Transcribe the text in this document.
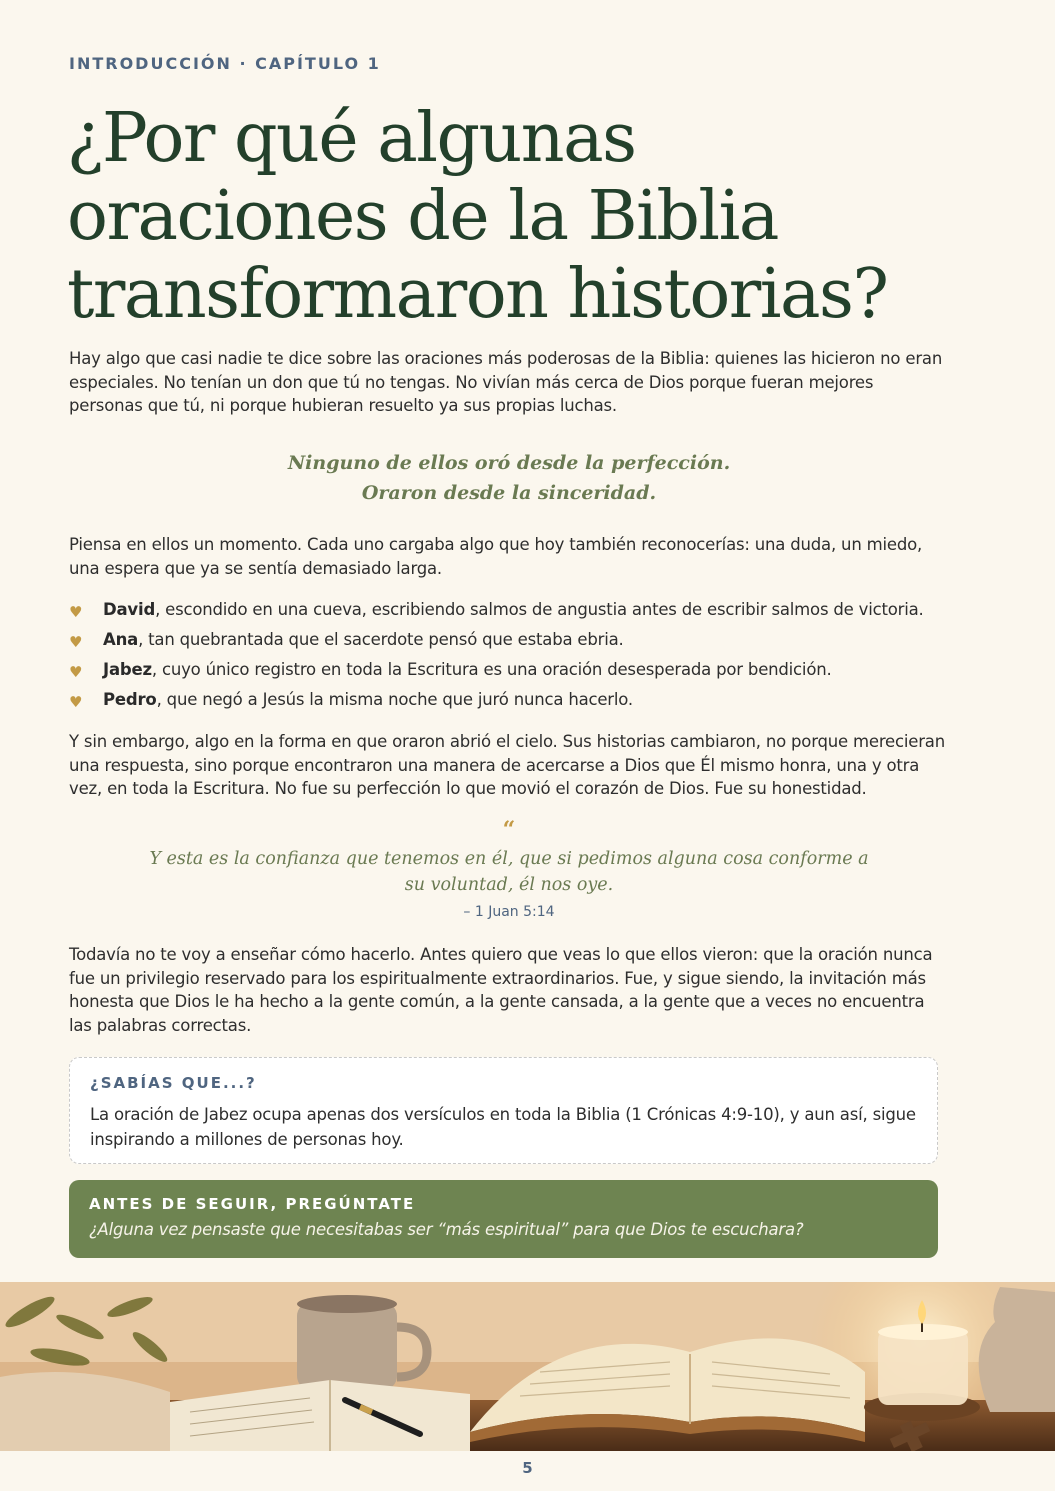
INTRODUCCIÓN · CAPÍTULO 1
¿Por qué algunas oraciones de la Biblia transformaron historias?

Hay algo que casi nadie te dice sobre las oraciones más poderosas de la Biblia: quienes las hicieron no eran especiales. No tenían un don que tú no tengas. No vivían más cerca de Dios porque fueran mejores personas que tú, ni porque hubieran resuelto ya sus propias luchas.

Ninguno de ellos oró desde la perfección.
Oraron desde la sinceridad.

Piensa en ellos un momento. Cada uno cargaba algo que hoy también reconocerías: una duda, un miedo, una espera que ya se sentía demasiado larga.

♥ David, escondido en una cueva, escribiendo salmos de angustia antes de escribir salmos de victoria.
♥ Ana, tan quebrantada que el sacerdote pensó que estaba ebria.
♥ Jabez, cuyo único registro en toda la Escritura es una oración desesperada por bendición.
♥ Pedro, que negó a Jesús la misma noche que juró nunca hacerlo.

Y sin embargo, algo en la forma en que oraron abrió el cielo. Sus historias cambiaron, no porque merecieran una respuesta, sino porque encontraron una manera de acercarse a Dios que Él mismo honra, una y otra vez, en toda la Escritura. No fue su perfección lo que movió el corazón de Dios. Fue su honestidad.

“
Y esta es la confianza que tenemos en él, que si pedimos alguna cosa conforme a su voluntad, él nos oye.
– 1 Juan 5:14

Todavía no te voy a enseñar cómo hacerlo. Antes quiero que veas lo que ellos vieron: que la oración nunca fue un privilegio reservado para los espiritualmente extraordinarios. Fue, y sigue siendo, la invitación más honesta que Dios le ha hecho a la gente común, a la gente cansada, a la gente que a veces no encuentra las palabras correctas.

¿SABÍAS QUE...?
La oración de Jabez ocupa apenas dos versículos en toda la Biblia (1 Crónicas 4:9-10), y aun así, sigue inspirando a millones de personas hoy.
ANTES DE SEGUIR, PREGÚNTATE
¿Alguna vez pensaste que necesitabas ser “más espiritual” para que Dios te escuchara?
5
